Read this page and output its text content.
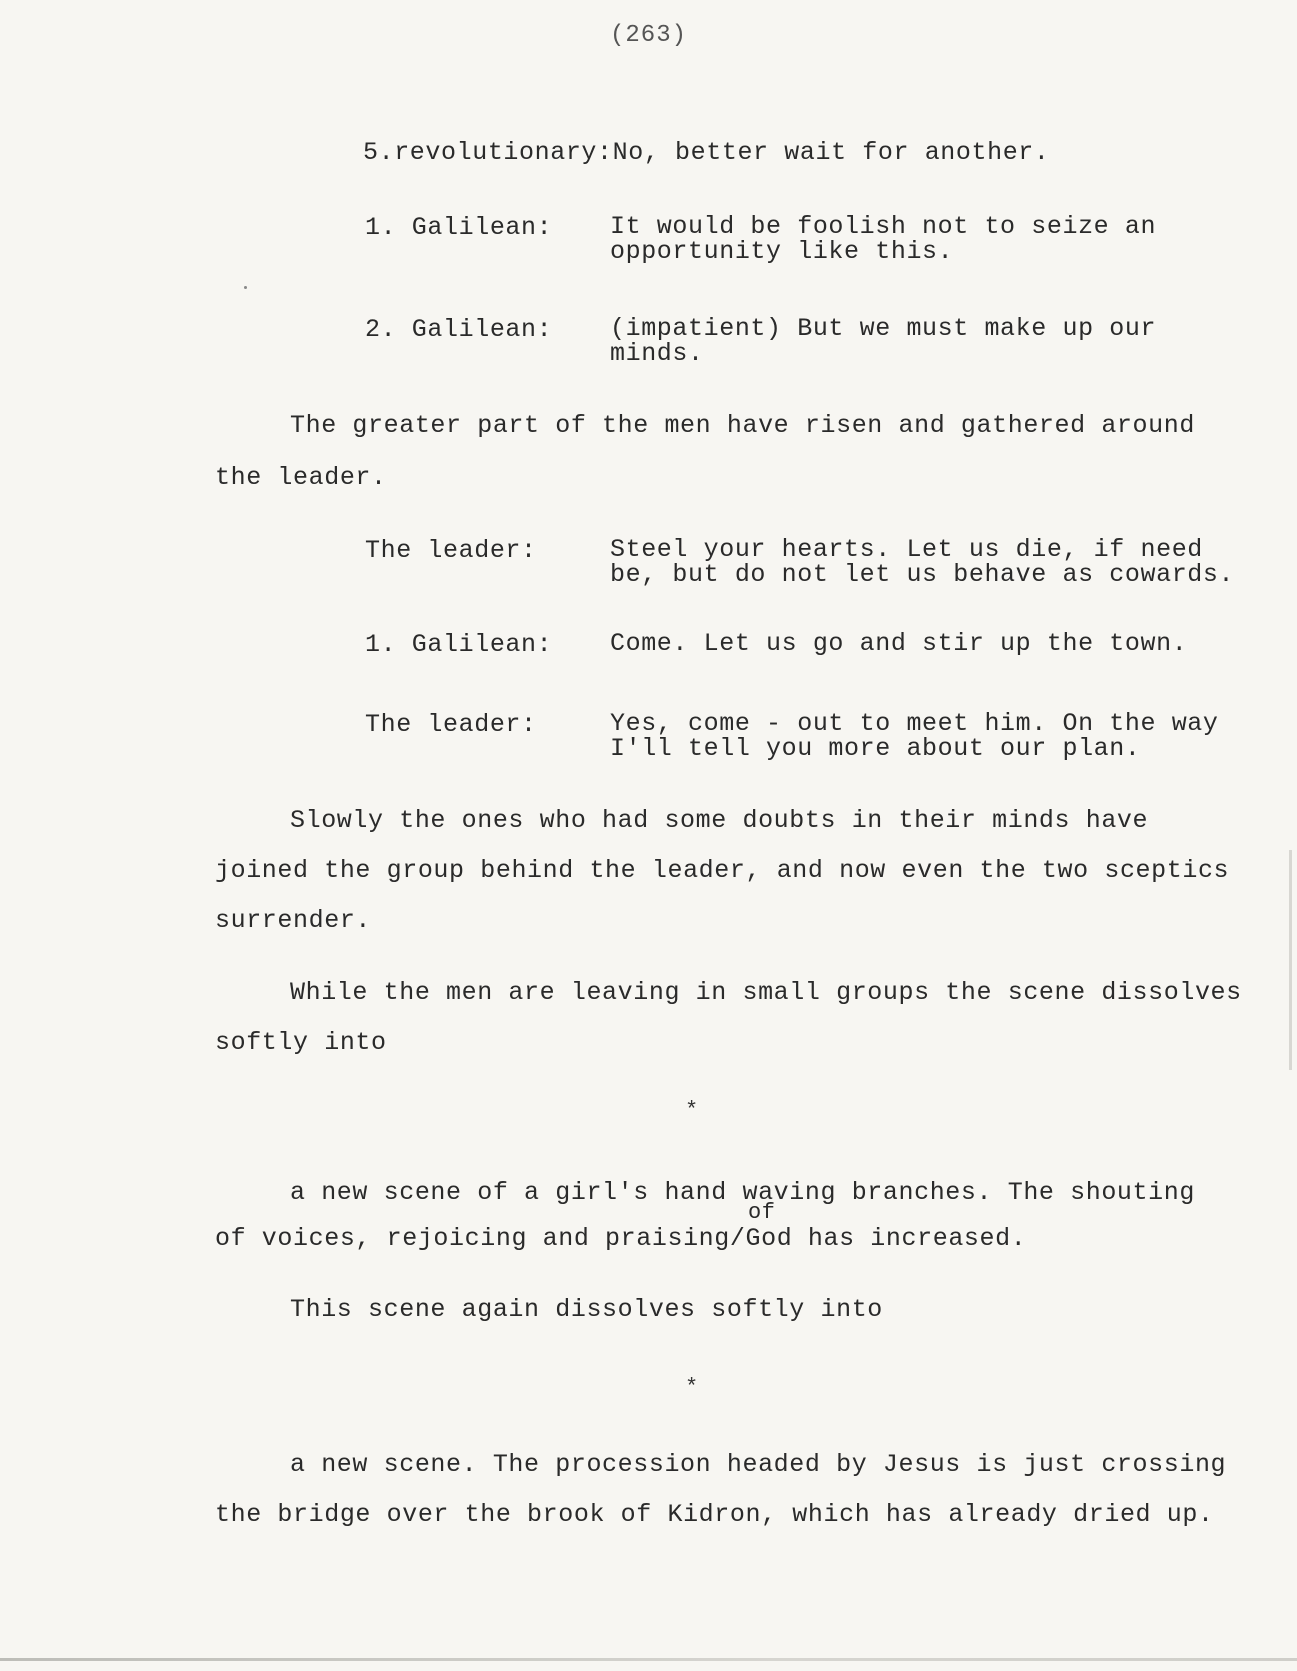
(263)
5.revolutionary:No, better wait for another.
1. Galilean: It would be foolish not to seize an
opportunity like this.
2. Galilean: (impatient) But we must make up our
minds.
The greater part of the men have risen and gathered around
the leader.
The leader:	Steel your hearts. Let us die, if need
be, but do not let us behave as cowards.
1. Galilean: Come. Let us go and stir up the town.
The leader:	Yes, come - out to meet him. On the way
I'll tell you more about our plan.
Slowly the ones who had some doubts in their minds have
joined the group behind the leader, and now even the two sceptics
surrender.
While the men are leaving in small groups the scene dissolves
softly into
*
a new scene of a girl's hand waving branches. The shouting
of
of voices, rejoicing and praising/God has increased.
This scene again dissolves softly into
*
a new scene. The procession headed by Jesus is just crossing
the bridge over the brook of Kidron, which has already dried up.
